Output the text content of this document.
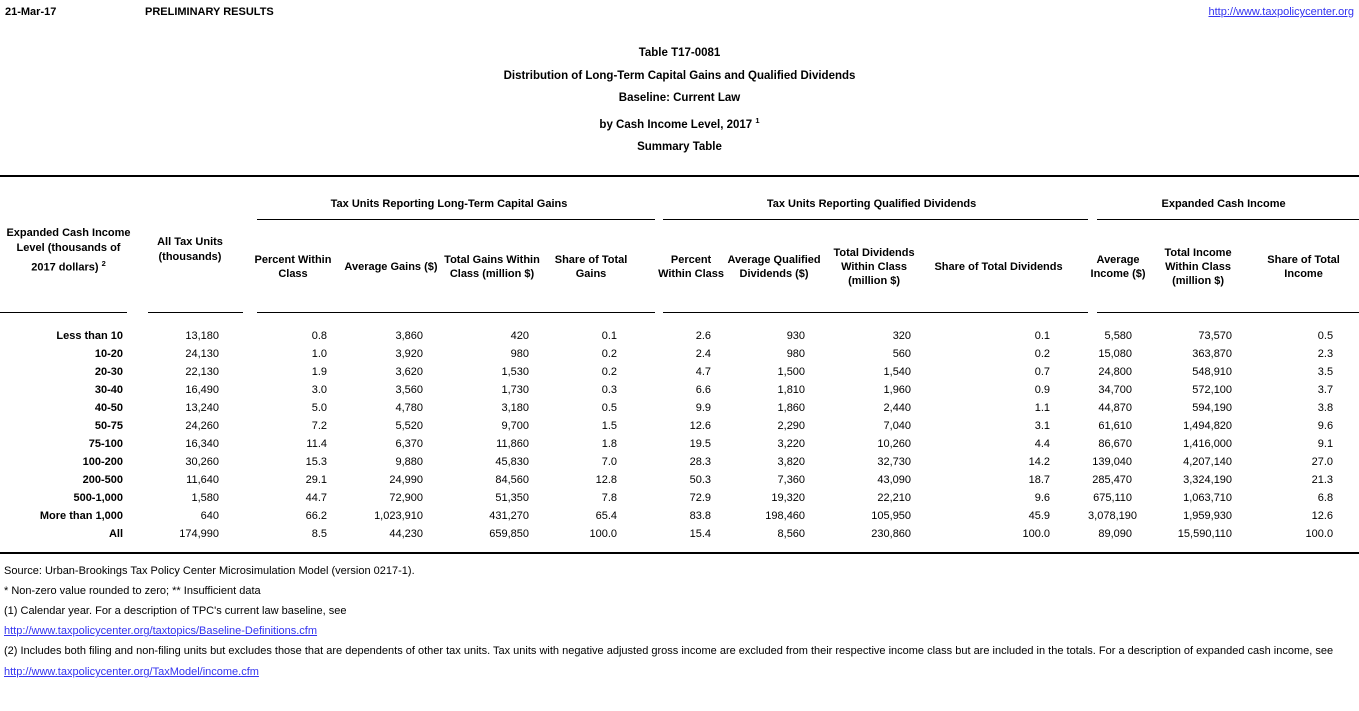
21-Mar-17	PRELIMINARY RESULTS	http://www.taxpolicycenter.org
Table T17-0081
Distribution of Long-Term Capital Gains and Qualified Dividends
Baseline: Current Law
by Cash Income Level, 2017 $^1$
Summary Table
Expanded Cash Income Level (thousands of 2017 dollars) $^2$	All Tax Units (thousands)	Tax Units Reporting Long-Term Capital Gains				Tax Units Reporting Qualified Dividends				Expanded Cash Income		
		Percent Within Class	Average Gains ($)	Total Gains Within Class (million $)	Share of Total Gains	Percent Within Class	Average Qualified Dividends ($)	Total Dividends Within Class (million $)	Share of Total Dividends	Average Income ($)	Total Income Within Class (million $)	Share of Total Income

Less than 10	13,180	0.8	3,860	420	0.1	2.6	930	320	0.1	5,580	73,570	0.5
10-20	24,130	1.0	3,920	980	0.2	2.4	980	560	0.2	15,080	363,870	2.3
20-30	22,130	1.9	3,620	1,530	0.2	4.7	1,500	1,540	0.7	24,800	548,910	3.5
30-40	16,490	3.0	3,560	1,730	0.3	6.6	1,810	1,960	0.9	34,700	572,100	3.7
40-50	13,240	5.0	4,780	3,180	0.5	9.9	1,860	2,440	1.1	44,870	594,190	3.8
50-75	24,260	7.2	5,520	9,700	1.5	12.6	2,290	7,040	3.1	61,610	1,494,820	9.6
75-100	16,340	11.4	6,370	11,860	1.8	19.5	3,220	10,260	4.4	86,670	1,416,000	9.1
100-200	30,260	15.3	9,880	45,830	7.0	28.3	3,820	32,730	14.2	139,040	4,207,140	27.0
200-500	11,640	29.1	24,990	84,560	12.8	50.3	7,360	43,090	18.7	285,470	3,324,190	21.3
500-1,000	1,580	44.7	72,900	51,350	7.8	72.9	19,320	22,210	9.6	675,110	1,063,710	6.8
More than 1,000	640	66.2	1,023,910	431,270	65.4	83.8	198,460	105,950	45.9	3,078,190	1,959,930	12.6
All	174,990	8.5	44,230	659,850	100.0	15.4	8,560	230,860	100.0	89,090	15,590,110	100.0

Source: Urban-Brookings Tax Policy Center Microsimulation Model (version 0217-1).
* Non-zero value rounded to zero; ** Insufficient data
(1) Calendar year. For a description of TPC's current law baseline, see
http://www.taxpolicycenter.org/taxtopics/Baseline-Definitions.cfm
(2) Includes both filing and non-filing units but excludes those that are dependents of other tax units. Tax units with negative adjusted gross income are excluded from their respective income class but are included in the totals. For a description of expanded cash income, see
http://www.taxpolicycenter.org/TaxModel/income.cfm
